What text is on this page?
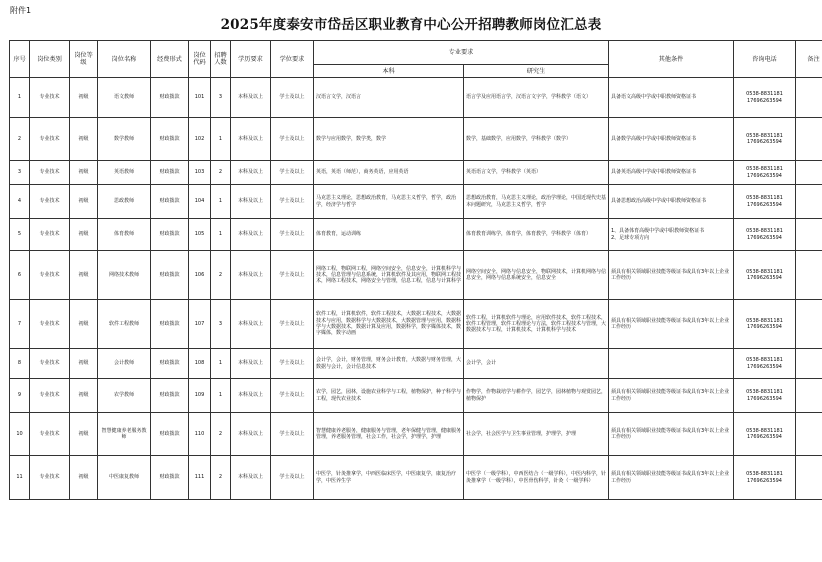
附件1
2025年度泰安市岱岳区职业教育中心公开招聘教师岗位汇总表
序号	岗位类别	岗位等级	岗位名称	经费形式	岗位代码	招聘人数	学历要求	学位要求	专业要求		其他条件	咨询电话	备注
									本科	研究生			
1	专业技术	初级	语文教师	财政拨款	101	3	本科及以上	学士及以上	汉语言文学，汉语言	语言学及应用语言学，汉语言文字学，学科教学（语文）	具备语文高级中学或中职教师资格证书	0538-8831181
17696263594	
2	专业技术	初级	数学教师	财政拨款	102	1	本科及以上	学士及以上	数学与应用数学，数学类，数学	数学，基础数学，应用数学，学科教学（数学）	具备数学高级中学或中职教师资格证书	0538-8831181
17696263594	
3	专业技术	初级	英语教师	财政拨款	103	2	本科及以上	学士及以上	英语，英语（师范），商务英语，应用英语	英语语言文学，学科教学（英语）	具备英语高级中学或中职教师资格证书	0538-8831181
17696263594	
4	专业技术	初级	思政教师	财政拨款	104	1	本科及以上	学士及以上	马克思主义理论，思想政治教育，马克思主义哲学，哲学，政治学，经济学与哲学	思想政治教育，马克思主义理论，政治学理论，中国近现代史基本问题研究，马克思主义哲学，哲学	具备思想政治高级中学或中职教师资格证书	0538-8831181
17696263594	
5	专业技术	初级	体育教师	财政拨款	105	1	本科及以上	学士及以上	体育教育，运动训练	体育教育训练学，体育学，体育教学，学科教学（体育）	1、具备体育高级中学或中职教师资格证书
2、足球专项方向	0538-8831181
17696263594	
6	专业技术	初级	网络技术教师	财政拨款	106	2	本科及以上	学士及以上	网络工程，物联网工程，网络空间安全，信息安全，计算机科学与技术，信息管理与信息系统，计算机软件及其应用，物联网工程技术，网络工程技术，网络安全与管理，信息工程，信息与计算科学	网络空间安全，网络与信息安全，物联网技术，计算机网络与信息安全，网络与信息系统安全，信息安全	须具有相关领域职业技能等级证书或具有3年以上企业工作经历	0538-8831181
17696263594	
7	专业技术	初级	软件工程教师	财政拨款	107	3	本科及以上	学士及以上	软件工程，计算机软件，软件工程技术，大数据工程技术，大数据技术与应用，数据科学与大数据技术，大数据管理与应用，数据科学与大数据技术，数据计算及应用，数据科学，数字媒体技术，数字媒体，数字动画	软件工程，计算机软件与理论，应用软件技术，软件工程技术，软件工程管理，软件工程理论与方法，软件工程技术与管理，大数据技术与工程，计算机技术，计算机科学与技术	须具有相关领域职业技能等级证书或具有3年以上企业工作经历	0538-8831181
17696263594	
8	专业技术	初级	会计教师	财政拨款	108	1	本科及以上	学士及以上	会计学，会计，财务管理，财务会计教育，大数据与财务管理，大数据与会计，会计信息技术	会计学，会计		0538-8831181
17696263594	
9	专业技术	初级	农学教师	财政拨款	109	1	本科及以上	学士及以上	农学，园艺，园林，设施农业科学与工程，植物保护，种子科学与工程，现代农业技术	作物学，作物栽培学与耕作学，园艺学，园林植物与观赏园艺，植物保护	须具有相关领域职业技能等级证书或具有3年以上企业工作经历	0538-8831181
17696263594	
10	专业技术	初级	智慧健康养老服务教师	财政拨款	110	2	本科及以上	学士及以上	智慧健康养老服务，健康服务与管理，老年保健与管理，健康服务管理，养老服务管理，社会工作，社会学，护理学，护理	社会学，社会医学与卫生事业管理，护理学，护理	须具有相关领域职业技能等级证书或具有3年以上企业工作经历	0538-8831181
17696263594	
11	专业技术	初级	中医康复教师	财政拨款	111	2	本科及以上	学士及以上	中医学，针灸推拿学，中西医临床医学，中医康复学，康复治疗学，中医养生学	中医学（一级学科），中西医结合（一级学科），中医内科学，针灸推拿学（一级学科），中医骨伤科学，针灸（一级学科）	须具有相关领域职业技能等级证书或具有3年以上企业工作经历	0538-8831181
17696263594	
